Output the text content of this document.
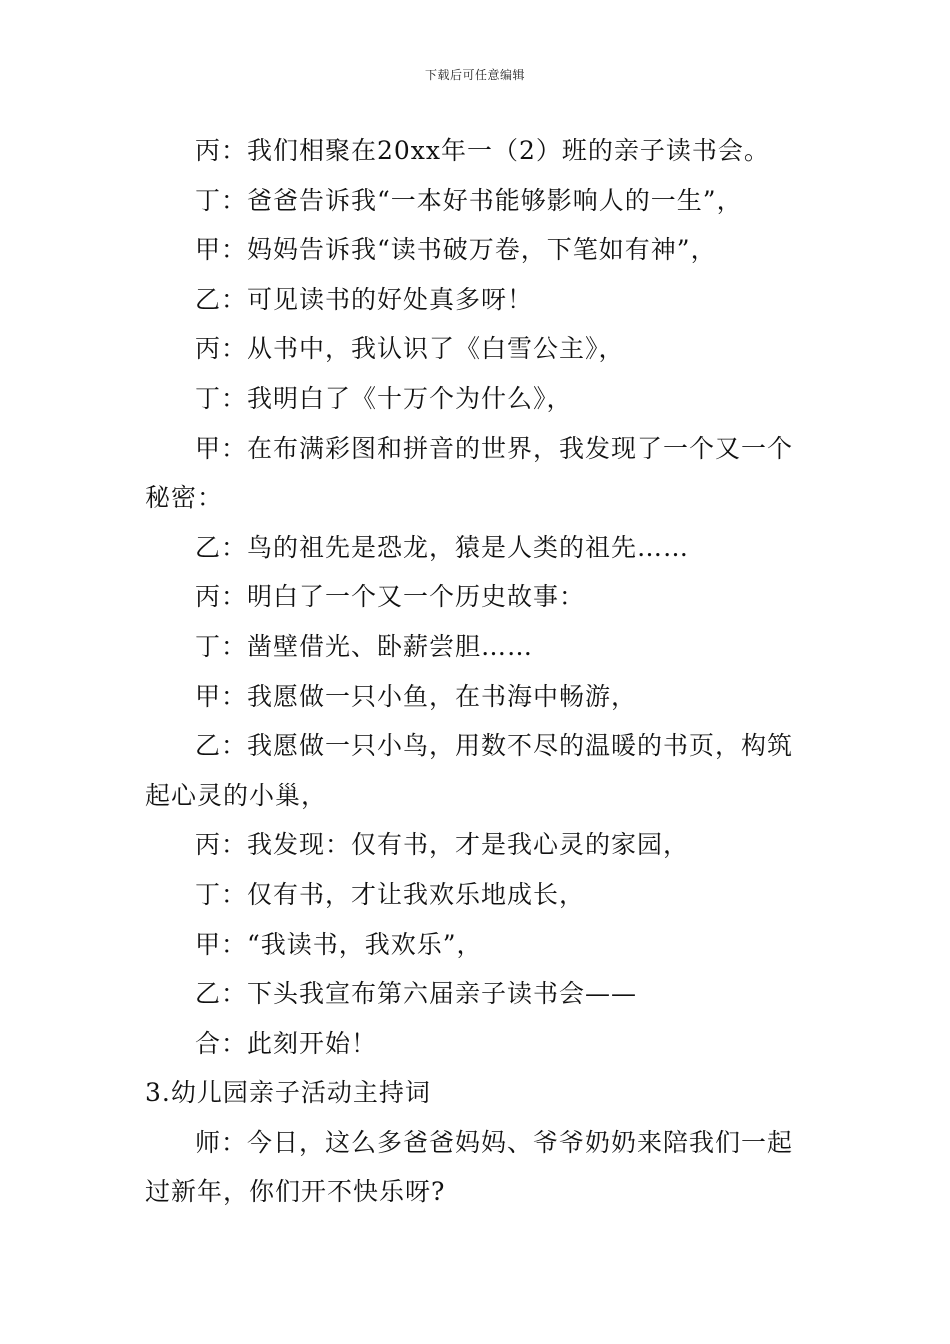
下载后可任意编辑

丙：我们相聚在20xx年一（2）班的亲子读书会。

丁：爸爸告诉我“一本好书能够影响人的一生”，

甲：妈妈告诉我“读书破万卷，下笔如有神”，

乙：可见读书的好处真多呀！

丙：从书中，我认识了《白雪公主》，

丁：我明白了《十万个为什么》，

甲：在布满彩图和拼音的世界，我发现了一个又一个秘密：

乙：鸟的祖先是恐龙，猿是人类的祖先……

丙：明白了一个又一个历史故事：

丁：凿壁借光、卧薪尝胆……

甲：我愿做一只小鱼，在书海中畅游，

乙：我愿做一只小鸟，用数不尽的温暖的书页，构筑起心灵的小巢，

丙：我发现：仅有书，才是我心灵的家园，

丁：仅有书，才让我欢乐地成长，

甲：“我读书，我欢乐”，

乙：下头我宣布第六届亲子读书会——

合：此刻开始！

3.幼儿园亲子活动主持词

师：今日，这么多爸爸妈妈、爷爷奶奶来陪我们一起过新年，你们开不快乐呀?
